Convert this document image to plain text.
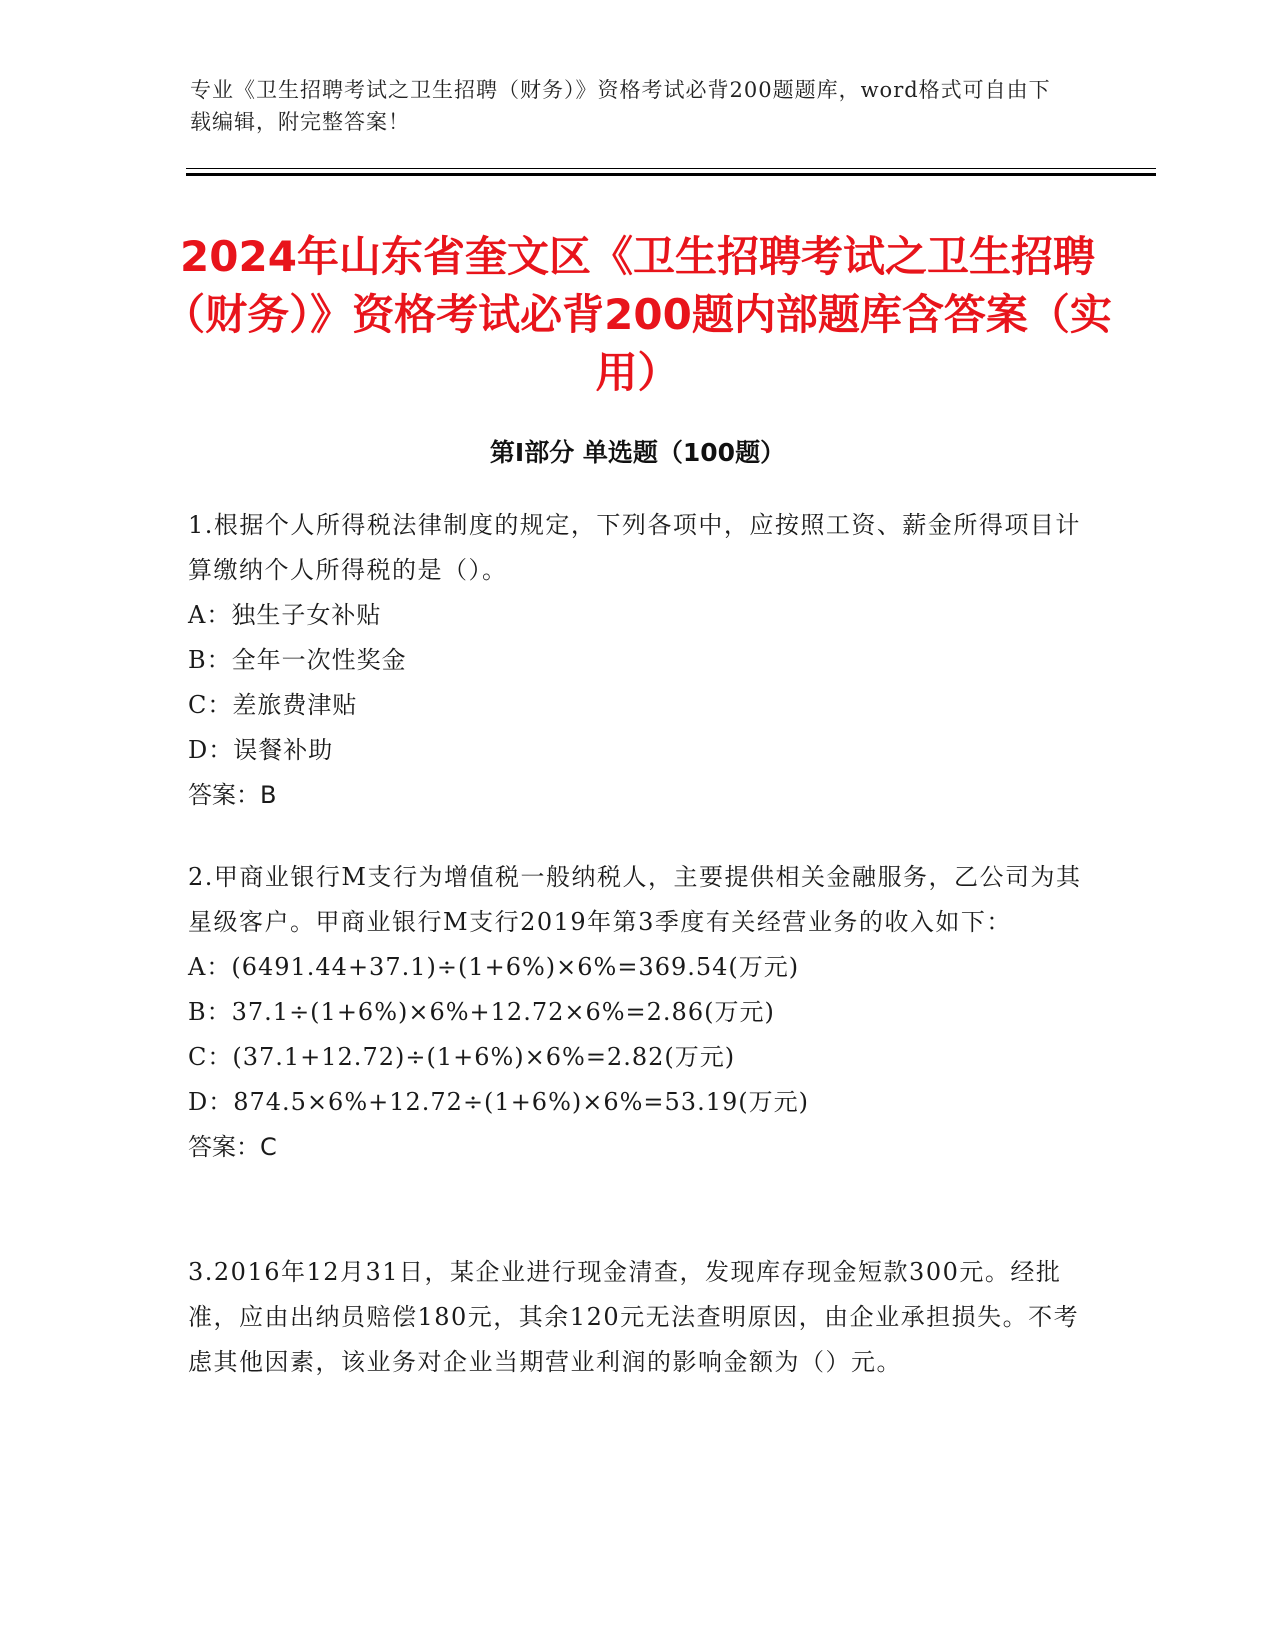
专业《卫生招聘考试之卫生招聘（财务）》资格考试必背200题题库，word格式可自由下载编辑，附完整答案！

2024年山东省奎文区《卫生招聘考试之卫生招聘（财务）》资格考试必背200题内部题库含答案（实用）
第Ⅰ部分 单选题（100题）

1.根据个人所得税法律制度的规定，下列各项中，应按照工资、薪金所得项目计算缴纳个人所得税的是（）。

A：独生子女补贴

B：全年一次性奖金

C：差旅费津贴

D：误餐补助

答案：B

2.甲商业银行M支行为增值税一般纳税人，主要提供相关金融服务，乙公司为其星级客户。甲商业银行M支行2019年第3季度有关经营业务的收入如下：

A：(6491.44+37.1)÷(1+6%)×6%=369.54(万元)

B：37.1÷(1+6%)×6%+12.72×6%=2.86(万元)

C：(37.1+12.72)÷(1+6%)×6%=2.82(万元)

D：874.5×6%+12.72÷(1+6%)×6%=53.19(万元)

答案：C

3.2016年12月31日，某企业进行现金清查，发现库存现金短款300元。经批准，应由出纳员赔偿180元，其余120元无法查明原因，由企业承担损失。不考虑其他因素，该业务对企业当期营业利润的影响金额为（）元。
